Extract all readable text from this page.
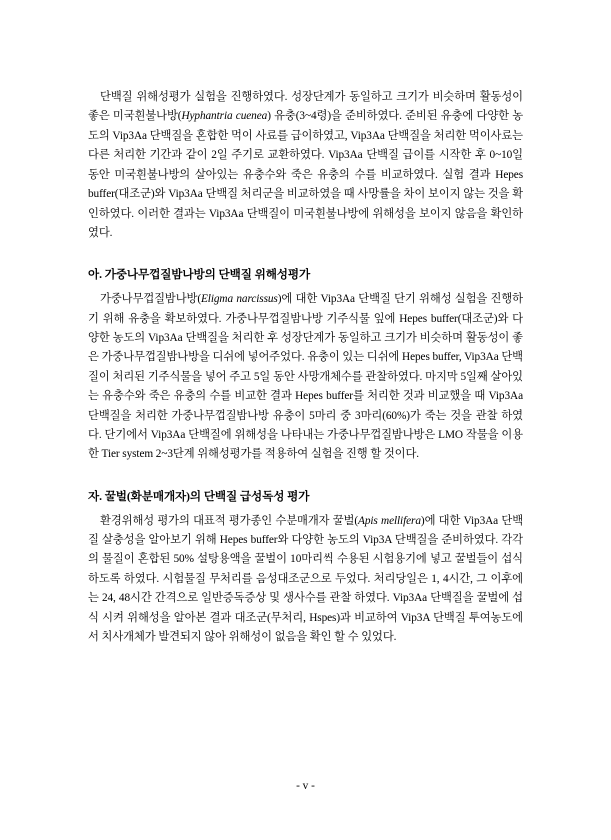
단백질 위해성평가 실험을 진행하였다. 성장단계가 동일하고 크기가 비슷하며 활동성이 좋은 미국흰불나방(Hyphantria cuenea) 유충(3~4령)을 준비하였다. 준비된 유충에 다양한 농도의 Vip3Aa 단백질을 혼합한 먹이 사료를 급이하였고, Vip3Aa 단백질을 처리한 먹이사료는 다른 처리한 기간과 같이 2일 주기로 교환하였다. Vip3Aa 단백질 급이를 시작한 후 0~10일 동안 미국흰불나방의 살아있는 유충수와 죽은 유충의 수를 비교하였다. 실험 결과 Hepes buffer(대조군)와 Vip3Aa 단백질 처리군을 비교하였을 때 사망률을 차이 보이지 않는 것을 확인하였다. 이러한 결과는 Vip3Aa 단백질이 미국흰불나방에 위해성을 보이지 않음을 확인하였다.

아. 가중나무껍질밤나방의 단백질 위해성평가

가중나무껍질밤나방(Eligma narcissus)에 대한 Vip3Aa 단백질 단기 위해성 실험을 진행하기 위해 유충을 확보하였다. 가중나무껍질밤나방 기주식물 잎에 Hepes buffer(대조군)와 다양한 농도의 Vip3Aa 단백질을 처리한 후 성장단계가 동일하고 크기가 비슷하며 활동성이 좋은 가중나무껍질밤나방을 디쉬에 넣어주었다. 유충이 있는 디쉬에 Hepes buffer, Vip3Aa 단백질이 처리된 기주식물을 넣어 주고 5일 동안 사망개체수를 관찰하였다. 마지막 5일째 살아있는 유충수와 죽은 유충의 수를 비교한 결과 Hepes buffer를 처리한 것과 비교했을 때 Vip3Aa 단백질을 처리한 가중나무껍질밤나방 유충이 5마리 중 3마리(60%)가 죽는 것을 관찰 하였다. 단기에서 Vip3Aa 단백질에 위해성을 나타내는 가중나무껍질밤나방은 LMO 작물을 이용한 Tier system 2~3단계 위해성평가를 적용하여 실험을 진행 할 것이다.

자. 꿀벌(화분매개자)의 단백질 급성독성 평가

환경위해성 평가의 대표적 평가종인 수분매개자 꿀벌(Apis mellifera)에 대한 Vip3Aa 단백질 살충성을 알아보기 위해 Hepes buffer와 다양한 농도의 Vip3A 단백질을 준비하였다. 각각의 물질이 혼합된 50% 설탕용액을 꿀벌이 10마리씩 수용된 시험용기에 넣고 꿀벌들이 섭식하도록 하였다. 시험물질 무처리를 음성대조군으로 두었다. 처리당일은 1, 4시간, 그 이후에는 24, 48시간 간격으로 일반증독증상 및 생사수를 관찰 하였다. Vip3Aa 단백질을 꿀벌에 섭식 시켜 위해성을 알아본 결과 대조군(무처리, Hspes)과 비교하여 Vip3A 단백질 투여농도에서 치사개체가 발견되지 않아 위해성이 없음을 확인 할 수 있었다.

- v -
